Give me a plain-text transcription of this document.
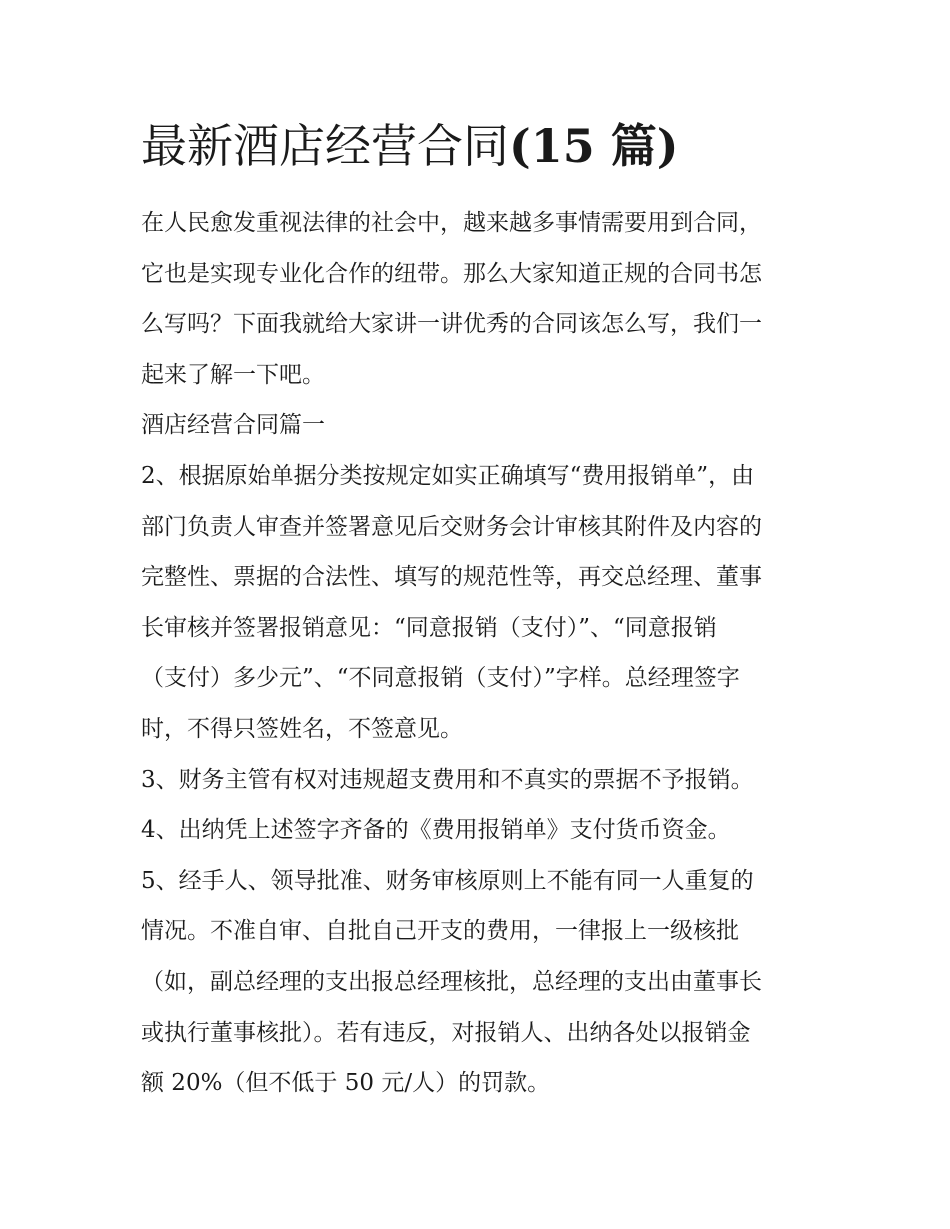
最新酒店经营合同(15 篇)

在人民愈发重视法律的社会中，越来越多事情需要用到合同，
它也是实现专业化合作的纽带。那么大家知道正规的合同书怎
么写吗？下面我就给大家讲一讲优秀的合同该怎么写，我们一
起来了解一下吧。

酒店经营合同篇一

2、根据原始单据分类按规定如实正确填写“费用报销单”，由
部门负责人审查并签署意见后交财务会计审核其附件及内容的
完整性、票据的合法性、填写的规范性等，再交总经理、董事
长审核并签署报销意见：“同意报销（支付）”、“同意报销
（支付）多少元”、“不同意报销（支付）”字样。总经理签字
时，不得只签姓名，不签意见。

3、财务主管有权对违规超支费用和不真实的票据不予报销。

4、出纳凭上述签字齐备的《费用报销单》支付货币资金。

5、经手人、领导批准、财务审核原则上不能有同一人重复的
情况。不准自审、自批自己开支的费用，一律报上一级核批
（如，副总经理的支出报总经理核批，总经理的支出由董事长
或执行董事核批）。若有违反，对报销人、出纳各处以报销金
额 20%（但不低于 50 元/人）的罚款。
